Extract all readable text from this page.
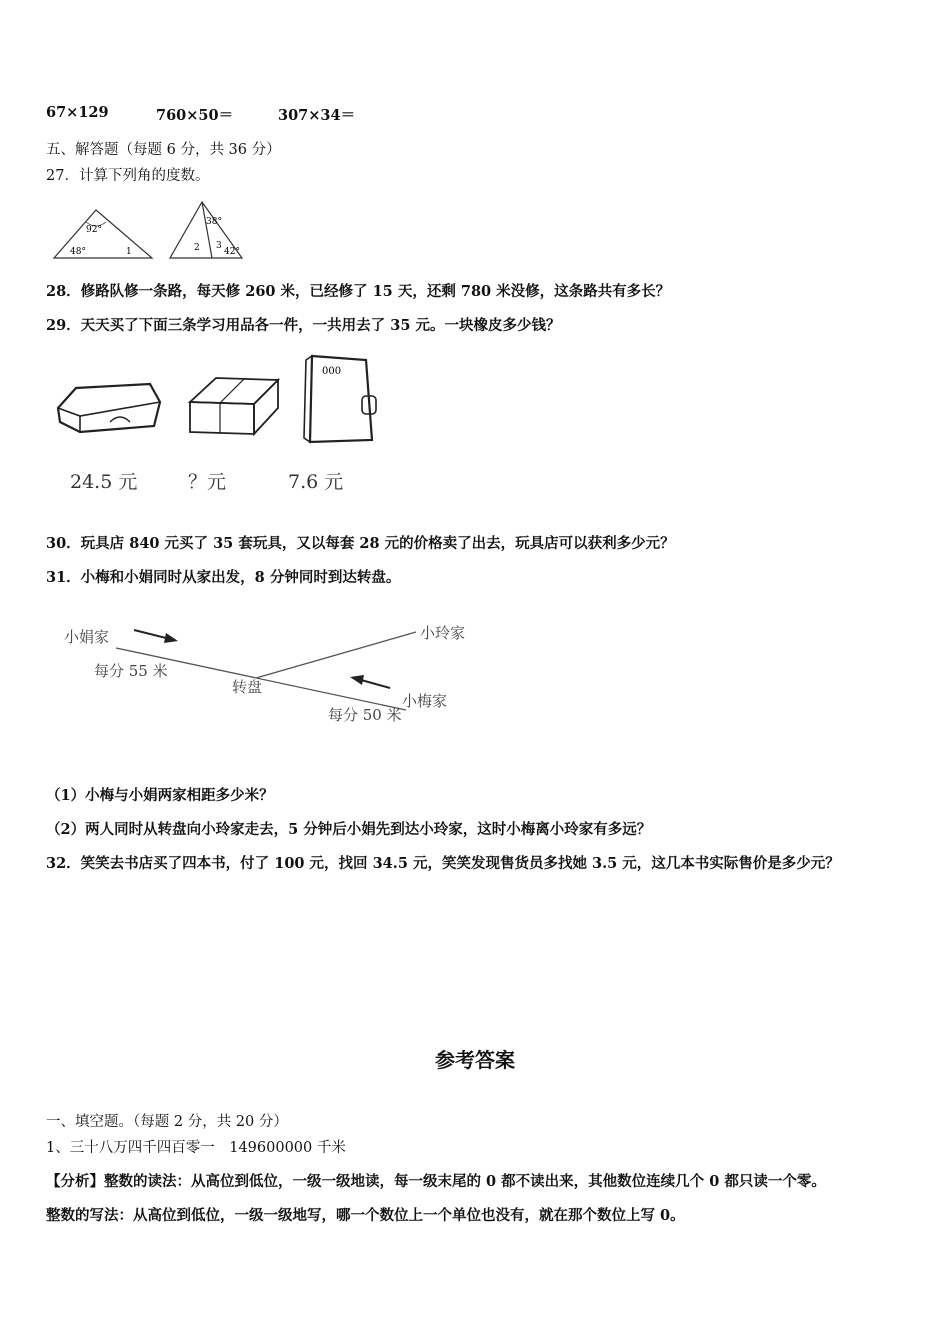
67×129	760×50＝	307×34＝
五、解答题（每题 6 分，共 36 分）
27．计算下列角的度数。
92°
48°	1
38°
2 3
42°
28．修路队修一条路，每天修 260 米，已经修了 15 天，还剩 780 米没修，这条路共有多长？
29．天天买了下面三条学习用品各一件，一共用去了 35 元。一块橡皮多少钱？
000
24.5 元	？元	7.6 元
30．玩具店 840 元买了 35 套玩具，又以每套 28 元的价格卖了出去，玩具店可以获利多少元？
31．小梅和小娟同时从家出发，8 分钟同时到达转盘。
小娟家	小玲家
每分 55 米
转盘
小梅家
每分 50 米
（1）小梅与小娟两家相距多少米？
（2）两人同时从转盘向小玲家走去，5 分钟后小娟先到达小玲家，这时小梅离小玲家有多远？
32．笑笑去书店买了四本书，付了 100 元，找回 34.5 元，笑笑发现售货员多找她 3.5 元，这几本书实际售价是多少元？
参考答案
一、填空题。（每题 2 分，共 20 分）
1、三十八万四千四百零一　149600000 千米
【分析】整数的读法：从高位到低位，一级一级地读，每一级末尾的 0 都不读出来，其他数位连续几个 0 都只读一个零。
整数的写法：从高位到低位，一级一级地写，哪一个数位上一个单位也没有，就在那个数位上写 0。
